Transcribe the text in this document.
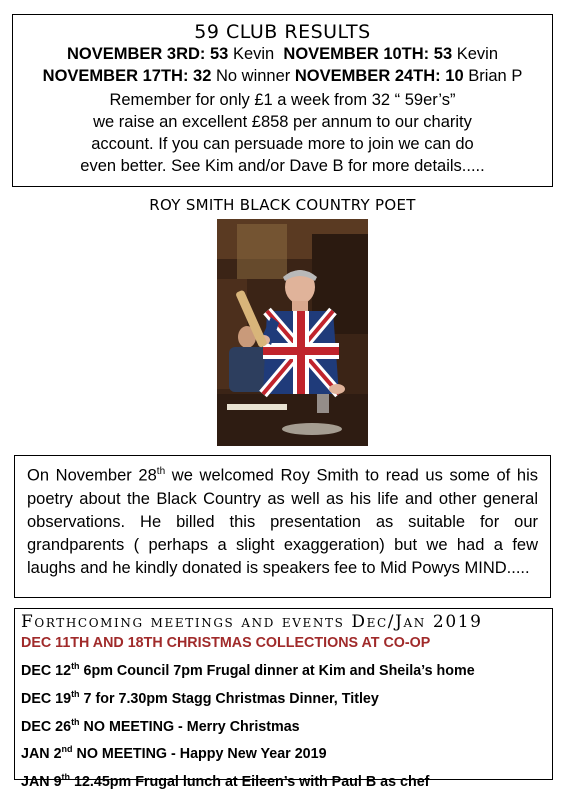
59 CLUB RESULTS
NOVEMBER 3RD: 53 Kevin NOVEMBER 10TH: 53 Kevin
NOVEMBER 17TH: 32 No winner NOVEMBER 24TH: 10 Brian P
Remember for only £1 a week from 32 “ 59er’s”
we raise an excellent £858 per annum to our charity
account. If you can persuade more to join we can do
even better. See Kim and/or Dave B for more details.....
ROY SMITH BLACK COUNTRY POET
On November 28th we welcomed Roy Smith to read us some of his poetry about the Black Country as well as his life and other general observations. He billed this presentation as suitable for our grandparents ( perhaps a slight exaggeration) but we had a few laughs and he kindly donated is speakers fee to Mid Powys MIND.....
Forthcoming meetings and events Dec/Jan 2019
DEC 11TH AND 18TH CHRISTMAS COLLECTIONS AT CO-OP
DEC 12th 6pm Council 7pm Frugal dinner at Kim and Sheila’s home
DEC 19th 7 for 7.30pm Stagg Christmas Dinner, Titley
DEC 26th NO MEETING - Merry Christmas
JAN 2nd NO MEETING - Happy New Year 2019
JAN 9th 12.45pm Frugal lunch at Eileen’s with Paul B as chef
